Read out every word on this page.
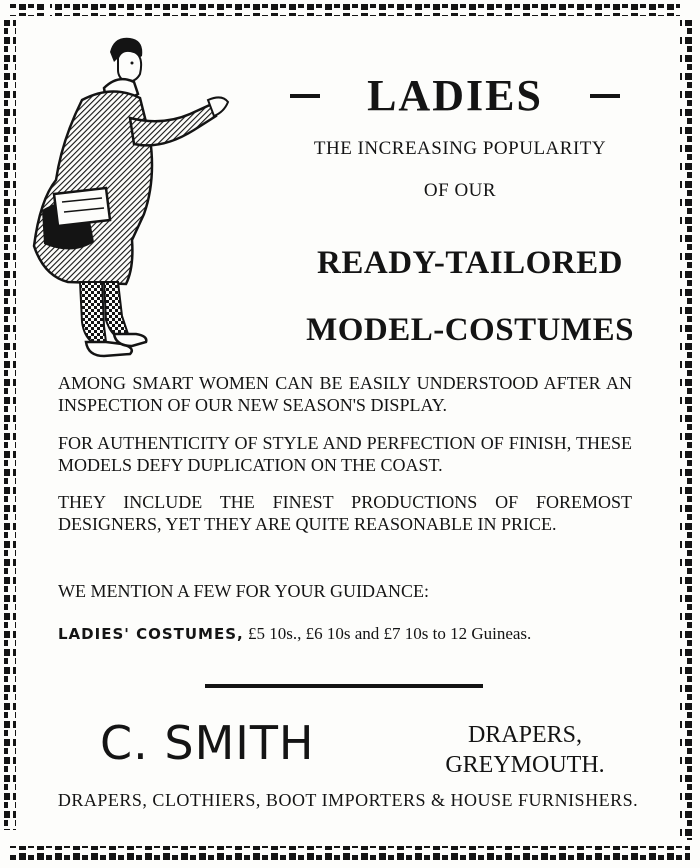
LADIES
THE INCREASING POPULARITY
OF OUR
READY-TAILORED
MODEL-COSTUMES

AMONG SMART WOMEN CAN BE EASILY UNDERSTOOD AFTER AN INSPECTION OF OUR NEW SEASON'S DISPLAY.

FOR AUTHENTICITY OF STYLE AND PERFECTION OF FINISH, THESE MODELS DEFY DUPLICATION ON THE COAST.

THEY INCLUDE THE FINEST PRODUCTIONS OF FOREMOST DESIGNERS, YET THEY ARE QUITE REASONABLE IN PRICE.

WE MENTION A FEW FOR YOUR GUIDANCE:

LADIES' COSTUMES, £5 10s., £6 10s and £7 10s to 12 Guineas.
C. SMITH	DRAPERS,
GREYMOUTH.
DRAPERS, CLOTHIERS, BOOT IMPORTERS & HOUSE FURNISHERS.
